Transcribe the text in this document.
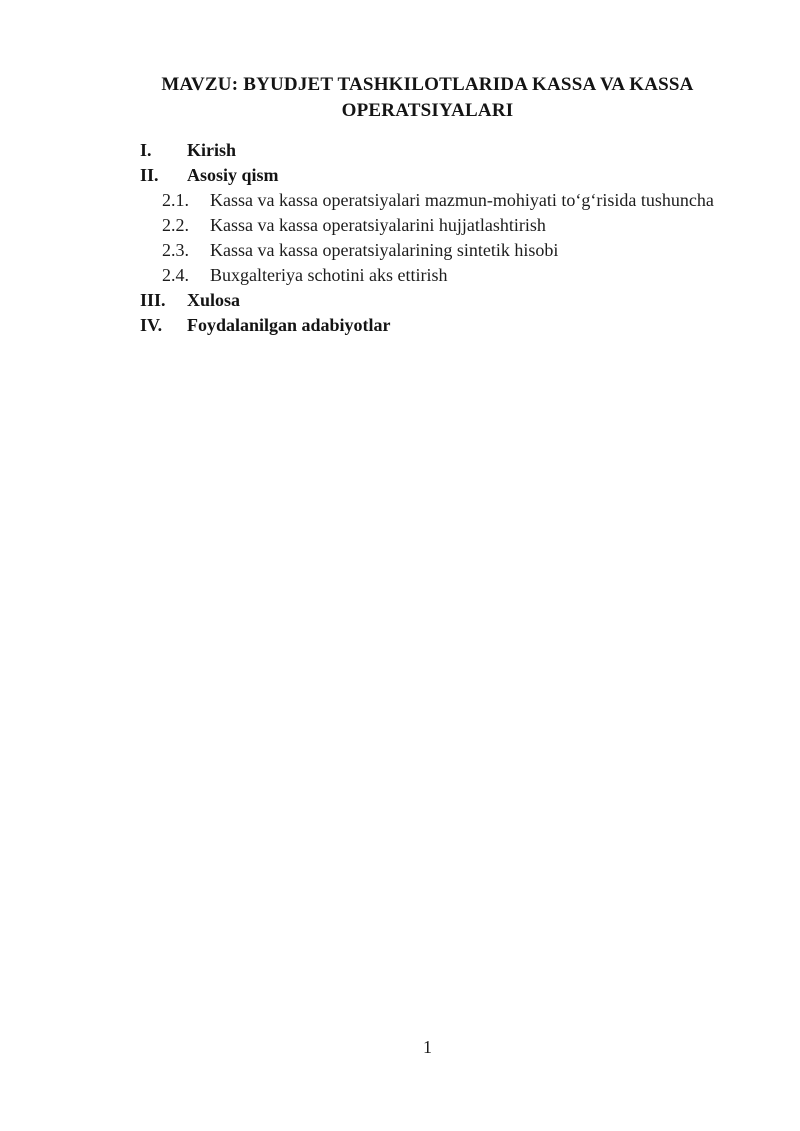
MAVZU: BYUDJET TASHKILOTLARIDA KASSA VA KASSA
OPERATSIYALARI
I.	Kirish
II.	Asosiy qism
2.1.	Kassa va kassa operatsiyalari mazmun-mohiyati to‘g‘risida tushuncha
2.2.	Kassa va kassa operatsiyalarini hujjatlashtirish
2.3.	Kassa va kassa operatsiyalarining sintetik hisobi
2.4.	Buxgalteriya schotini aks ettirish
III.	Xulosa
IV.	Foydalanilgan adabiyotlar
1
